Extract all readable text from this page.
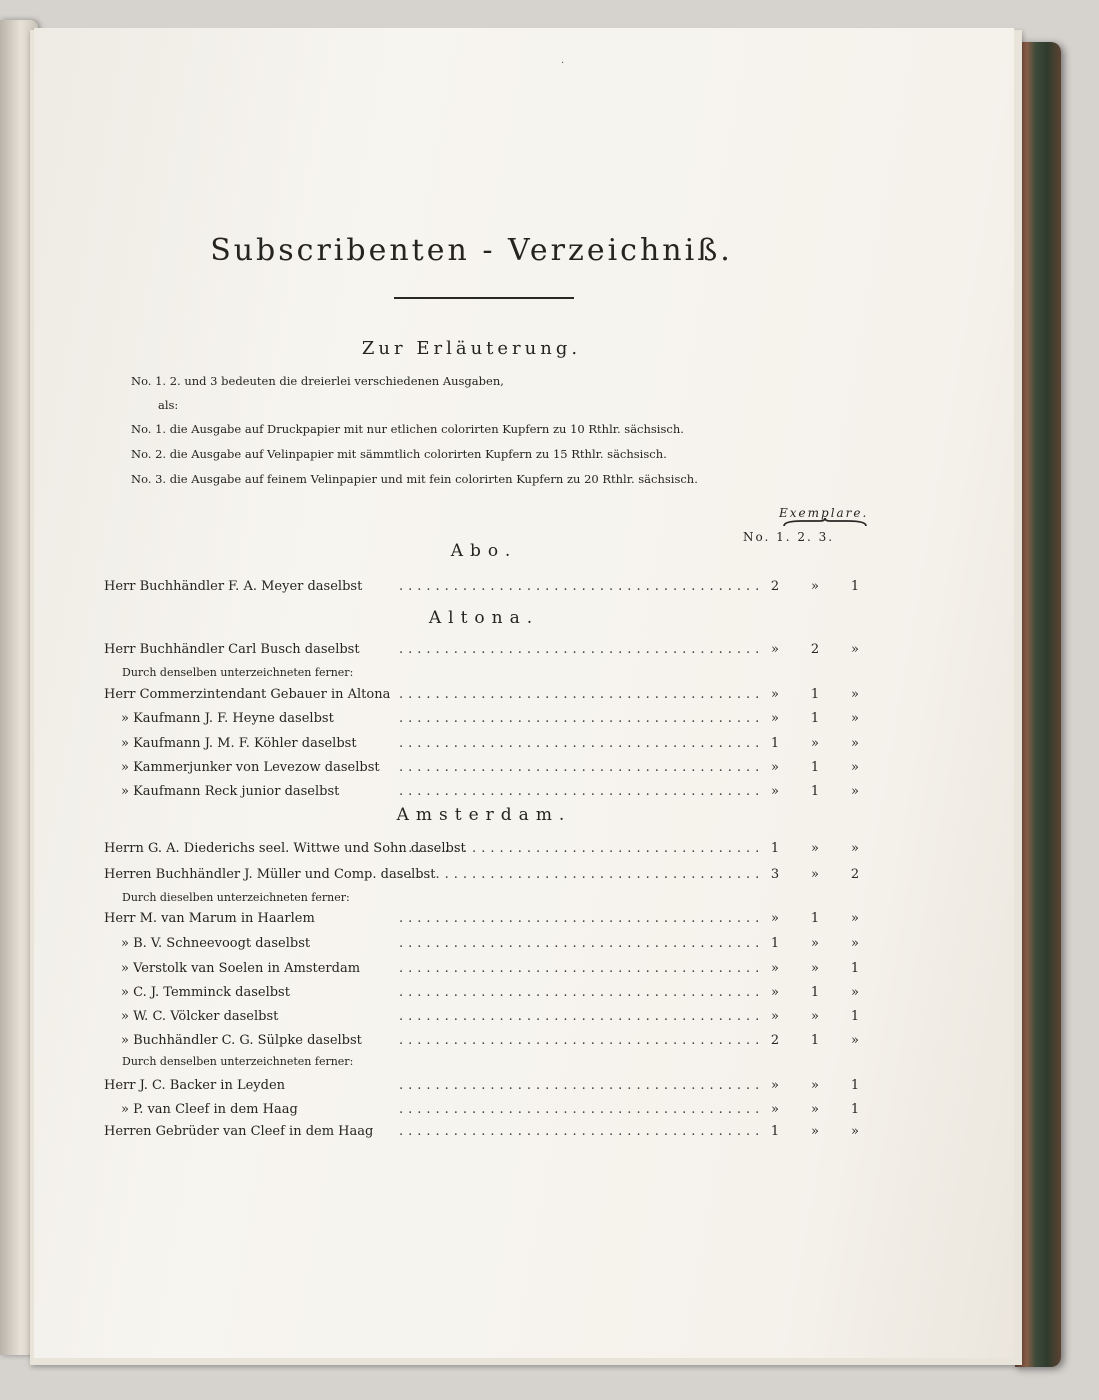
·
Subscribenten - Verzeichniß.
Zur Erläuterung.
No. 1. 2. und 3 bedeuten die dreierlei verschiedenen Ausgaben,
als:
No. 1. die Ausgabe auf Druckpapier mit nur etlichen colorirten Kupfern zu 10 Rthlr. sächsisch.
No. 2. die Ausgabe auf Velinpapier mit sämmtlich colorirten Kupfern zu 15 Rthlr. sächsisch.
No. 3. die Ausgabe auf feinem Velinpapier und mit fein colorirten Kupfern zu 20 Rthlr. sächsisch.
Exemplare.
No. 1. 2. 3.
Abo.
Herr Buchhändler F. A. Meyer daselbst	........................................ 2	»	1
Altona.
Herr Buchhändler Carl Busch daselbst	........................................ »	2	»
Durch denselben unterzeichneten ferner:
Herr Commerzintendant Gebauer in Altona ........................................ »	1	»
» Kaufmann J. F. Heyne daselbst	........................................ »	1	»
» Kaufmann J. M. F. Köhler daselbst	........................................ 1	»	»
» Kammerjunker von Levezow daselbst ........................................ »	1	»
» Kaufmann Reck junior daselbst	........................................ »	1	»
Amsterdam.
Herrn G. A. Diederichs seel. Wittwe und Sohn daselbst
........................................ 1	»	»
Herren Buchhändler J. Müller und Comp. daselbst
........................................ 3	»	2
Durch dieselben unterzeichneten ferner:
Herr M. van Marum in Haarlem	........................................ »	1	»
» B. V. Schneevoogt daselbst	........................................ 1	»	»
» Verstolk van Soelen in Amsterdam	........................................ »	»	1
» C. J. Temminck daselbst	........................................ »	1	»
» W. C. Völcker daselbst	........................................ »	»	1
» Buchhändler C. G. Sülpke daselbst	........................................ 2	1	»
Durch denselben unterzeichneten ferner:
Herr J. C. Backer in Leyden	........................................ »	»	1
» P. van Cleef in dem Haag	........................................ »	»	1
Herren Gebrüder van Cleef in dem Haag ........................................ 1	»	»
